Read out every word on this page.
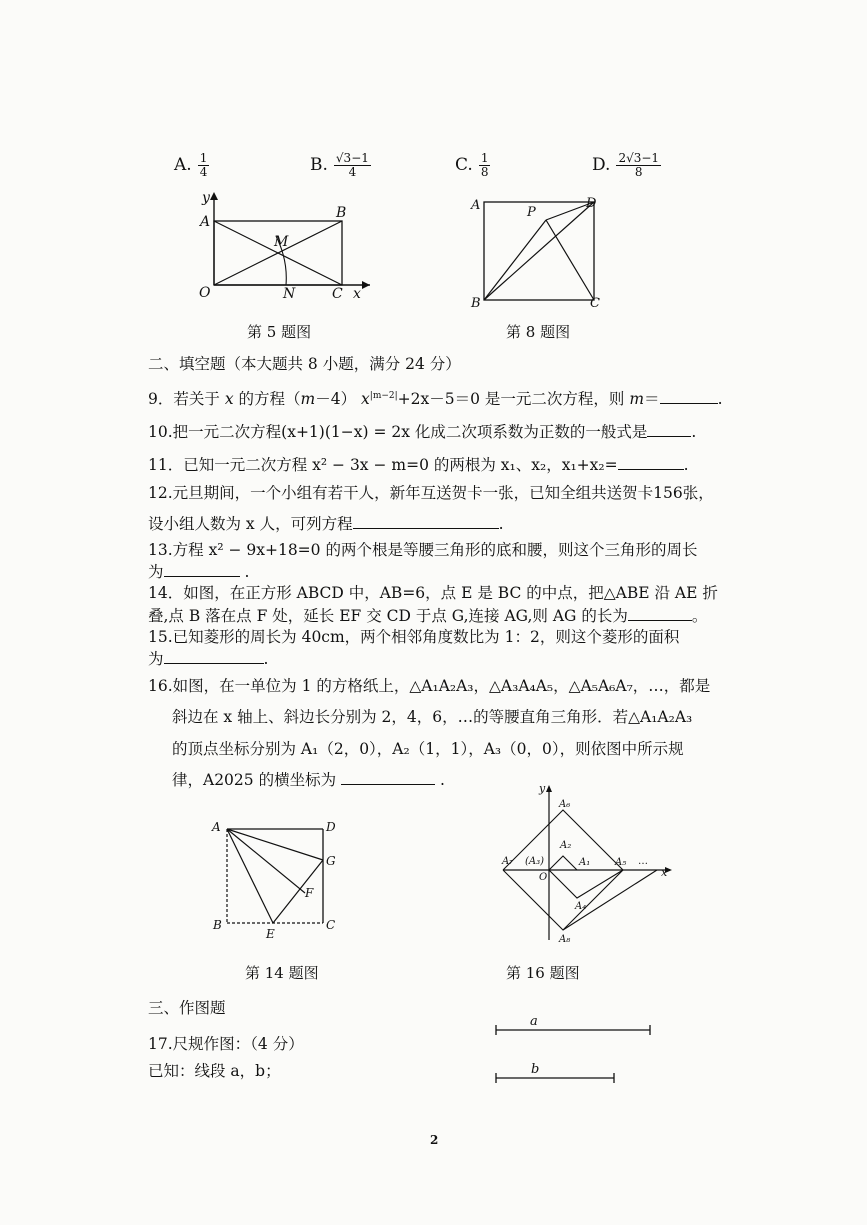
A. $\frac{1}{4}$	B. $\frac{√3-1}{4}$	C. $\frac{1}{8}$	D. $\frac{2√3-1}{8}$
y
A
B
M
O	N	C x
第 5 题图
A	D
P
B	C
第 8 题图
二、填空题（本大题共 8 小题，满分 24 分）
9．若关于 x 的方程（m－4） $x^{|m-2|}+2x-5=0$ 是一元二次方程，则 m＝	.
10.把一元二次方程(x+1)(1−x) = 2x 化成二次项系数为正数的一般式是	.
11．已知一元二次方程 x² − 3x − m=0 的两根为 x₁、x₂，x₁+x₂=	.
12.元旦期间，一个小组有若干人，新年互送贺卡一张，已知全组共送贺卡156张，
设小组人数为 x 人，可列方程	.
13.方程 x² − 9x+18=0 的两个根是等腰三角形的底和腰，则这个三角形的周长
为	.
14．如图，在正方形 ABCD 中，AB=6，点 E 是 BC 的中点，把△ABE 沿 AE 折
叠,点 B 落在点 F 处，延长 EF 交 CD 于点 G,连接 AG,则 AG 的长为	。
15.已知菱形的周长为 40cm，两个相邻角度数比为 1：2，则这个菱形的面积
为	.
16.如图，在一单位为 1 的方格纸上，△A₁A₂A₃，△A₃A₄A₅，△A₅A₆A₇，…，都是
斜边在 x 轴上、斜边长分别为 2，4，6，…的等腰直角三角形．若△A₁A₂A₃
的顶点坐标分别为 A₁（2，0），A₂（1，1），A₃（0，0），则依图中所示规
律，A2025 的横坐标为	.
A	D
G
F
B
E
C
第 14 题图
y
A₆
A₂
A₇ (A₃)
O
A₁ A₅ …
x
A₄
A₈
第 16 题图
三、作图题
17.尺规作图：（4 分）
已知：线段 a，b；
a
b
2
